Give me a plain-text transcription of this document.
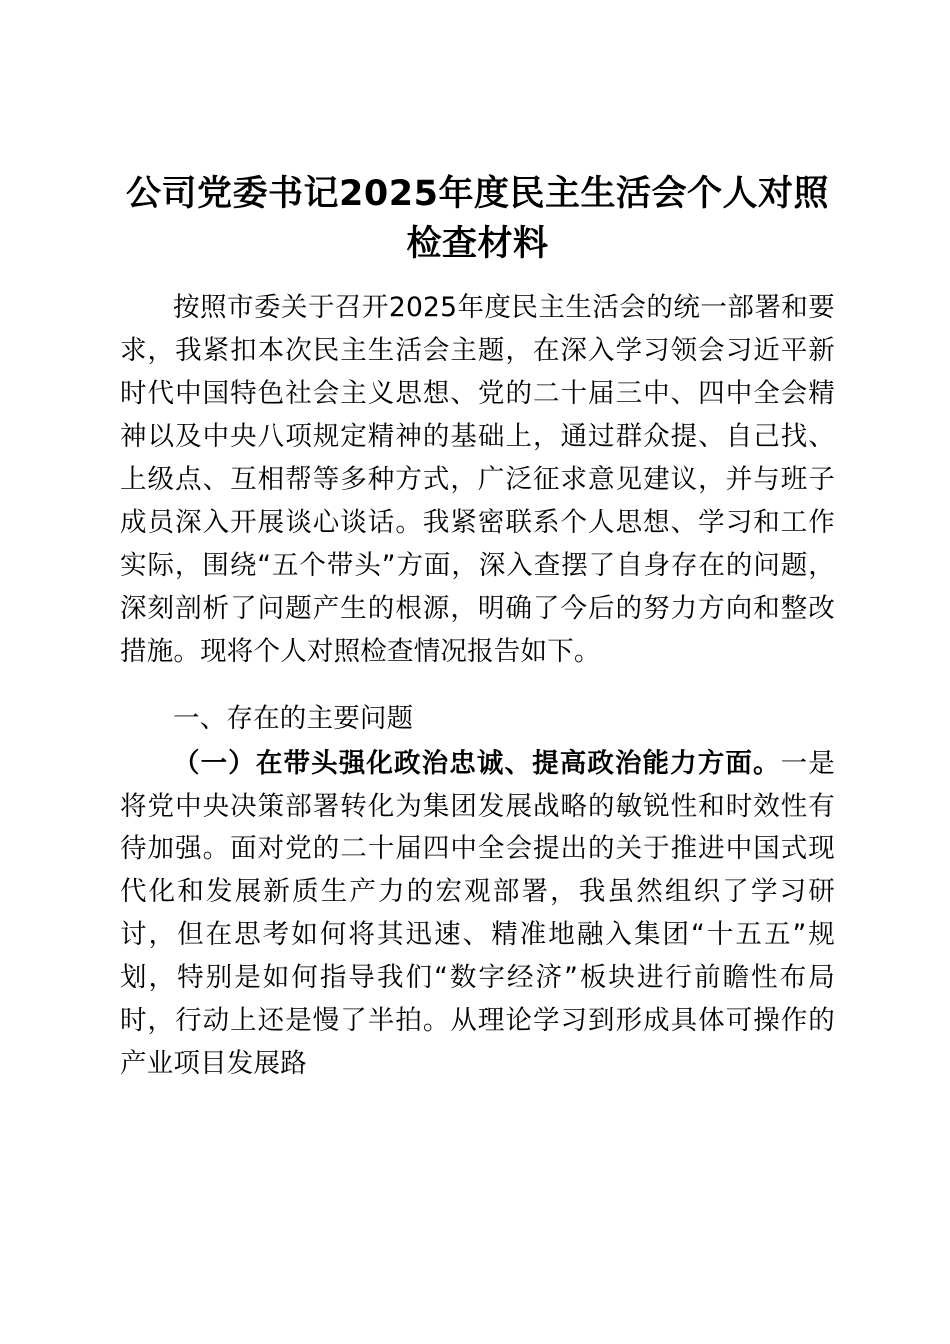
公司党委书记2025年度民主生活会个人对照检查材料

按照市委关于召开2025年度民主生活会的统一部署和要求，我紧扣本次民主生活会主题，在深入学习领会习近平新时代中国特色社会主义思想、党的二十届三中、四中全会精神以及中央八项规定精神的基础上，通过群众提、自己找、上级点、互相帮等多种方式，广泛征求意见建议，并与班子成员深入开展谈心谈话。我紧密联系个人思想、学习和工作实际，围绕“五个带头”方面，深入查摆了自身存在的问题，深刻剖析了问题产生的根源，明确了今后的努力方向和整改措施。现将个人对照检查情况报告如下。

一、存在的主要问题

（一）在带头强化政治忠诚、提高政治能力方面。一是将党中央决策部署转化为集团发展战略的敏锐性和时效性有待加强。面对党的二十届四中全会提出的关于推进中国式现代化和发展新质生产力的宏观部署，我虽然组织了学习研讨，但在思考如何将其迅速、精准地融入集团“十五五”规划，特别是如何指导我们“数字经济”板块进行前瞻性布局时，行动上还是慢了半拍。从理论学习到形成具体可操作的产业项目发展路
